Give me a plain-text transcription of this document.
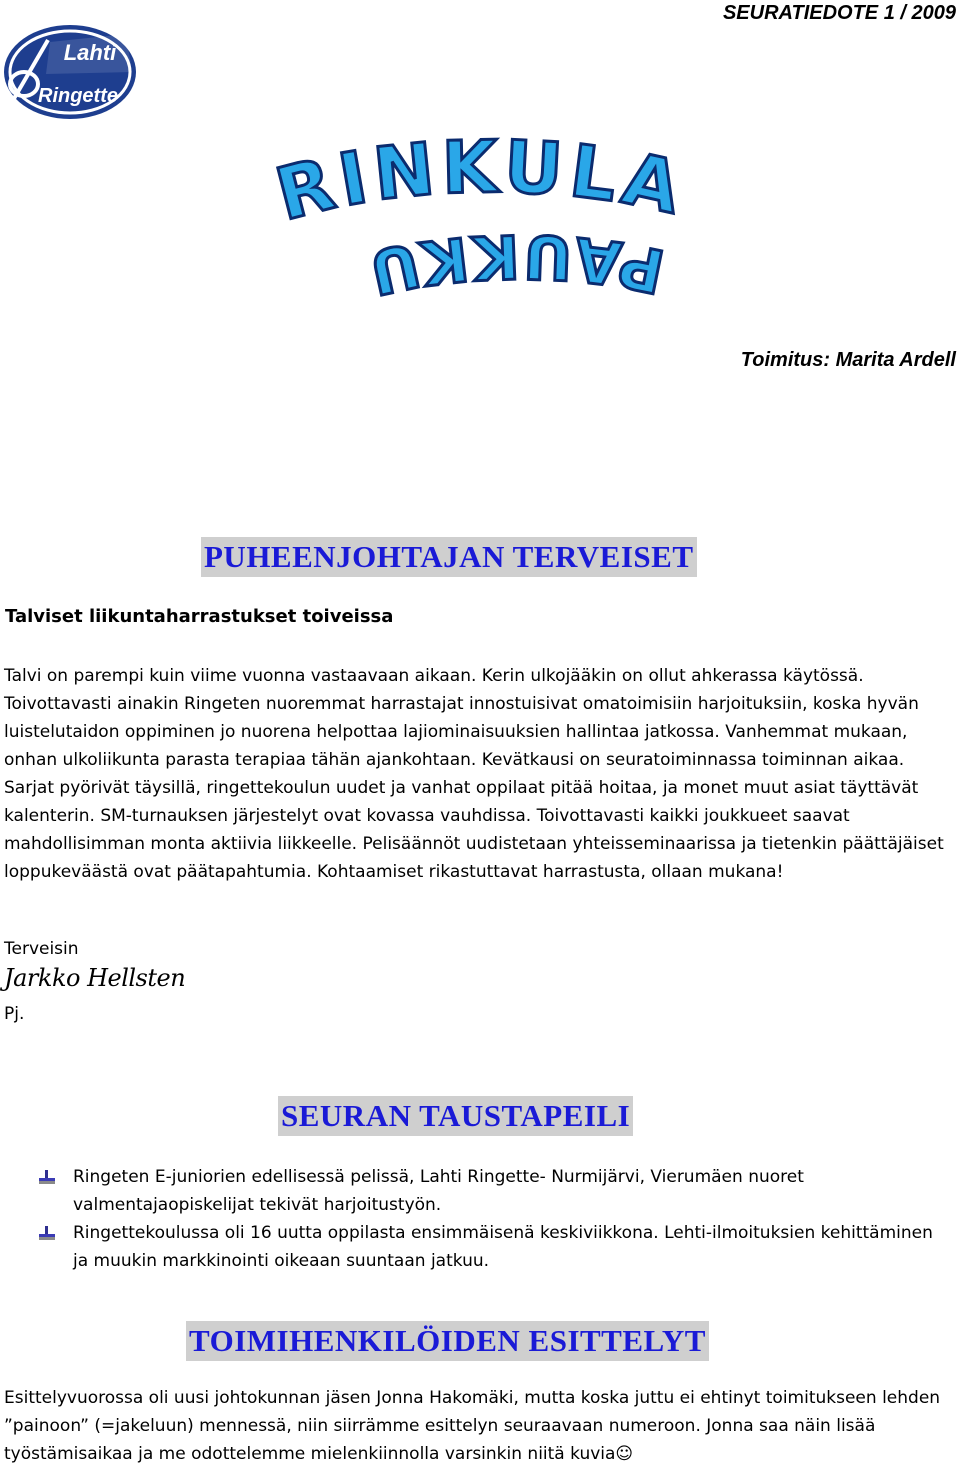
SEURATIEDOTE 1 / 2009
Lahti
Ringette
RINKULA
PAUKKU
Toimitus: Marita Ardell
PUHEENJOHTAJAN TERVEISET
Talviset liikuntaharrastukset toiveissa
Talvi on parempi kuin viime vuonna vastaavaan aikaan. Kerin ulkojääkin on ollut ahkerassa käytössä. Toivottavasti ainakin Ringeten nuoremmat harrastajat innostuisivat omatoimisiin harjoituksiin, koska hyvän luistelutaidon oppiminen jo nuorena helpottaa lajiominaisuuksien hallintaa jatkossa. Vanhemmat mukaan, onhan ulkoliikunta parasta terapiaa tähän ajankohtaan. Kevätkausi on seuratoiminnassa toiminnan aikaa. Sarjat pyörivät täysillä, ringettekoulun uudet ja vanhat oppilaat pitää hoitaa, ja monet muut asiat täyttävät kalenterin. SM-turnauksen järjestelyt ovat kovassa vauhdissa. Toivottavasti kaikki joukkueet saavat mahdollisimman monta aktiivia liikkeelle. Pelisäännöt uudistetaan yhteisseminaarissa ja tietenkin päättäjäiset loppukeväästä ovat päätapahtumia. Kohtaamiset rikastuttavat harrastusta, ollaan mukana!
Terveisin
Jarkko Hellsten
Pj.
SEURAN TAUSTAPEILI
Ringeten E-juniorien edellisessä pelissä, Lahti Ringette- Nurmijärvi, Vierumäen nuoret valmentajaopiskelijat tekivät harjoitustyön.
Ringettekoulussa oli 16 uutta oppilasta ensimmäisenä keskiviikkona. Lehti-ilmoituksien kehittäminen ja muukin markkinointi oikeaan suuntaan jatkuu.
TOIMIHENKILÖIDEN ESITTELYT
Esittelyvuorossa oli uusi johtokunnan jäsen Jonna Hakomäki, mutta koska juttu ei ehtinyt toimitukseen lehden ”painoon” (=jakeluun) mennessä, niin siirrämme esittelyn seuraavaan numeroon. Jonna saa näin lisää työstämisaikaa ja me odottelemme mielenkiinnolla varsinkin niitä kuvia☺
